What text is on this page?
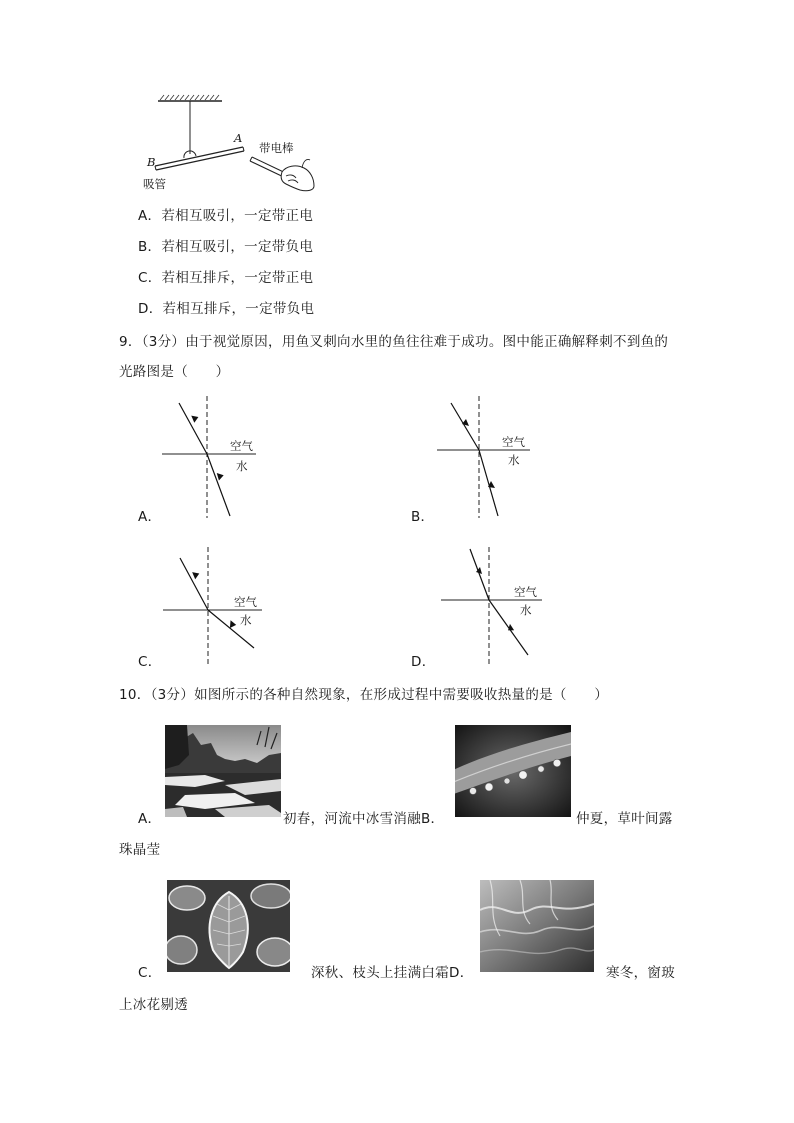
A
B
带电棒
吸管
A．若相互吸引，一定带正电
B．若相互吸引，一定带负电
C．若相互排斥，一定带正电
D．若相互排斥，一定带负电
9．（3分）由于视觉原因，用鱼叉刺向水里的鱼往往难于成功。图中能正确解释刺不到鱼的
光路图是（　　）
空气
水
A．
空气
水
B．
空气
水
C．
空气
水
D．
10．（3分）如图所示的各种自然现象，在形成过程中需要吸收热量的是（　　）
A．	初春，河流中冰雪消融B．	仲夏，草叶间露
珠晶莹
C．	深秋、枝头上挂满白霜D．	寒冬，窗玻
上冰花剔透
